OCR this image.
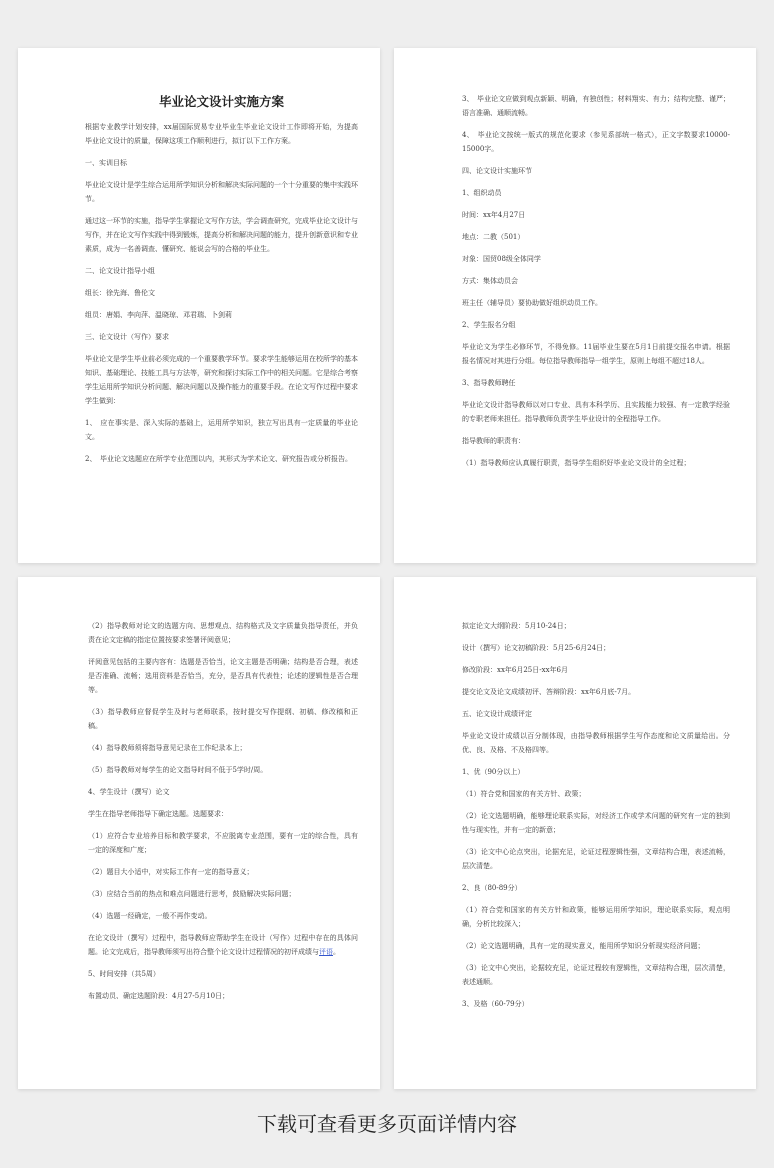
毕业论文设计实施方案

根据专业教学计划安排，xx届国际贸易专业毕业生毕业论文设计工作即将开始，为提高毕业论文设计的质量，保障这项工作顺利进行，拟订以下工作方案。

一、实训目标

毕业论文设计是学生综合运用所学知识分析和解决实际问题的一个十分重要的集中实践环节。

通过这一环节的实施，指导学生掌握论文写作方法，学会调查研究，完成毕业论文设计与写作，并在论文写作实践中得到锻炼，提高分析和解决问题的能力，提升创新意识和专业素质，成为一名善调查、懂研究、能说会写的合格的毕业生。

二、论文设计指导小组

组长：徐先海、鲁伦文

组员：唐娟、李向萍、温晓琼、邓君瑞、卜剑莉

三、论文设计（写作）要求

毕业论文是学生毕业前必须完成的一个重要教学环节。要求学生能够运用在校所学的基本知识、基础理论、技能工具与方法等，研究和探讨实际工作中的相关问题。它是综合考察学生运用所学知识分析问题、解决问题以及操作能力的重要手段。在论文写作过程中要求学生做到：

1、　应在事实是、深入实际的基础上，运用所学知识，独立写出具有一定质量的毕业论文。

2、　毕业论文选题应在所学专业范围以内，其形式为学术论文、研究报告或分析报告。

3、　毕业论文应做到观点新颖、明确，有独创性；材料翔实、有力；结构完整、谨严；语言准确、通顺流畅。

4、　毕业论文按统一版式的规范化要求（参见系部统一格式），正文字数要求10000-15000字。

四、论文设计实施环节

1、组织动员

时间：xx年4月27日

地点：二教（501）

对象：国贸08级全体同学

方式：集体动员会

班主任（辅导员）要协助做好组织动员工作。

2、学生报名分组

毕业论文为学生必修环节，不得免修。11届毕业生要在5月1日前提交报名申请。根据报名情况对其进行分组。每位指导教师指导一组学生，原则上每组不超过18人。

3、指导教师聘任

毕业论文设计指导教师以对口专业、具有本科学历、且实践能力较强、有一定教学经验的专职老师来担任。指导教师负责学生毕业设计的全程指导工作。

指导教师的职责有：

（1）指导教师应认真履行职责，指导学生组织好毕业论文设计的全过程；

（2）指导教师对论文的选题方向、思想观点、结构格式及文字质量负指导责任，并负责在论文定稿的指定位置按要求签署评阅意见；

评阅意见包括的主要内容有：选题是否恰当，论文主题是否明确；结构是否合理，表述是否准确、流畅；选用资料是否恰当，充分，是否具有代表性；论述的逻辑性是否合理等。

（3）指导教师应督促学生及时与老师联系，按时提交写作提纲、初稿、修改稿和正稿。

（4）指导教师须将指导意见记录在工作纪录本上；

（5）指导教师对每学生的论文指导时间不低于5学时/周。

4、学生设计（撰写）论文

学生在指导老师指导下确定选题。选题要求：

（1）应符合专业培养目标和教学要求，不应脱离专业范围，要有一定的综合性，具有一定的深度和广度；

（2）题目大小适中，对实际工作有一定的指导意义；

（3）应结合当前的热点和难点问题进行思考，鼓励解决实际问题；

（4）选题一经确定，一般不再作变动。

在论文设计（撰写）过程中，指导教师应帮助学生在设计（写作）过程中存在的具体问题。论文完成后，指导教师须写出符合整个论文设计过程情况的初评成绩与评语。

5、时间安排（共5周）

布置动员、确定选题阶段：4月27-5月10日；

拟定论文大纲阶段：5月10-24日；

设计（撰写）论文初稿阶段：5月25-6月24日；

修改阶段：xx年6月25日-xx年6月

提交论文及论文成绩初评、答辩阶段：xx年6月底-7月。

五、论文设计成绩评定

毕业论文设计成绩以百分制体现，由指导教师根据学生写作态度和论文质量给出。分优、良、及格、不及格四等。

1、优（90分以上）

（1）符合党和国家的有关方针、政策；

（2）论文选题明确，能够理论联系实际，对经济工作或学术问题的研究有一定的独到性与现实性，并有一定的新意；

（3）论文中心论点突出，论据充足，论证过程逻辑性强，文章结构合理，表述流畅，层次清楚。

2、良（80-89分）

（1）符合党和国家的有关方针和政策，能够运用所学知识，理论联系实际，观点明确，分析比较深入；

（2）论文选题明确，具有一定的现实意义，能用所学知识分析现实经济问题；

（3）论文中心突出，论据较充足，论证过程较有逻辑性，文章结构合理，层次清楚，表述通顺。

3、及格（60-79分）

下载可查看更多页面详情内容
